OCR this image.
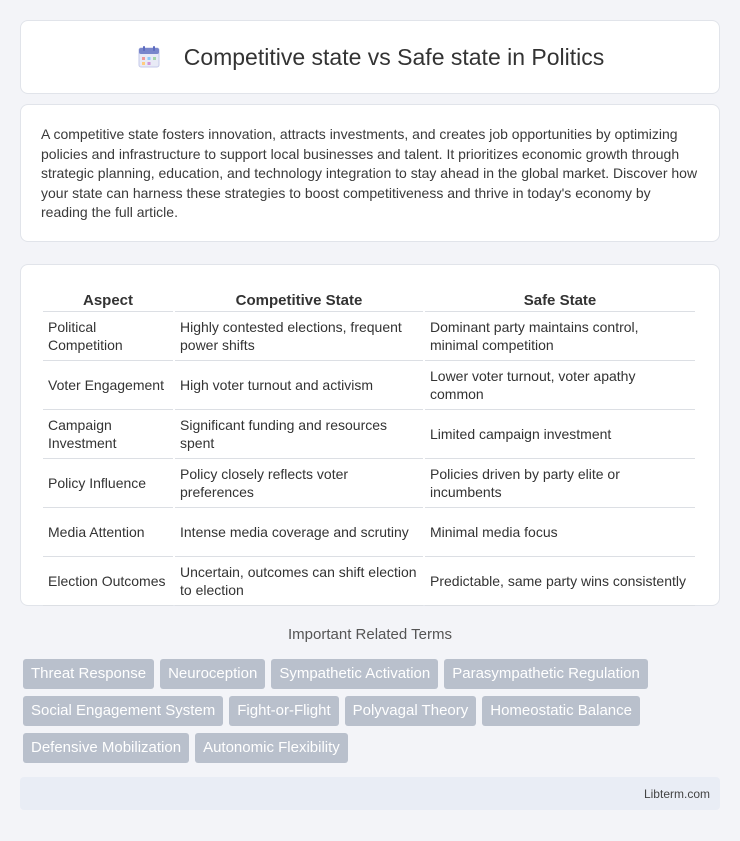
Competitive state vs Safe state in Politics

A competitive state fosters innovation, attracts investments, and creates job opportunities by optimizing policies and infrastructure to support local businesses and talent. It prioritizes economic growth through strategic planning, education, and technology integration to stay ahead in the global market. Discover how your state can harness these strategies to boost competitiveness and thrive in today's economy by reading the full article.

Aspect	Competitive State	Safe State
Political Competition	Highly contested elections, frequent power shifts	Dominant party maintains control, minimal competition
Voter Engagement	High voter turnout and activism	Lower voter turnout, voter apathy common
Campaign Investment	Significant funding and resources spent	Limited campaign investment
Policy Influence	Policy closely reflects voter preferences	Policies driven by party elite or incumbents
Media Attention	Intense media coverage and scrutiny	Minimal media focus
Election Outcomes	Uncertain, outcomes can shift election to election	Predictable, same party wins consistently
Important Related Terms
Threat Response	Neuroception	Sympathetic Activation	Parasympathetic Regulation
Social Engagement System	Fight-or-Flight	Polyvagal Theory	Homeostatic Balance
Defensive Mobilization	Autonomic Flexibility
Libterm.com
